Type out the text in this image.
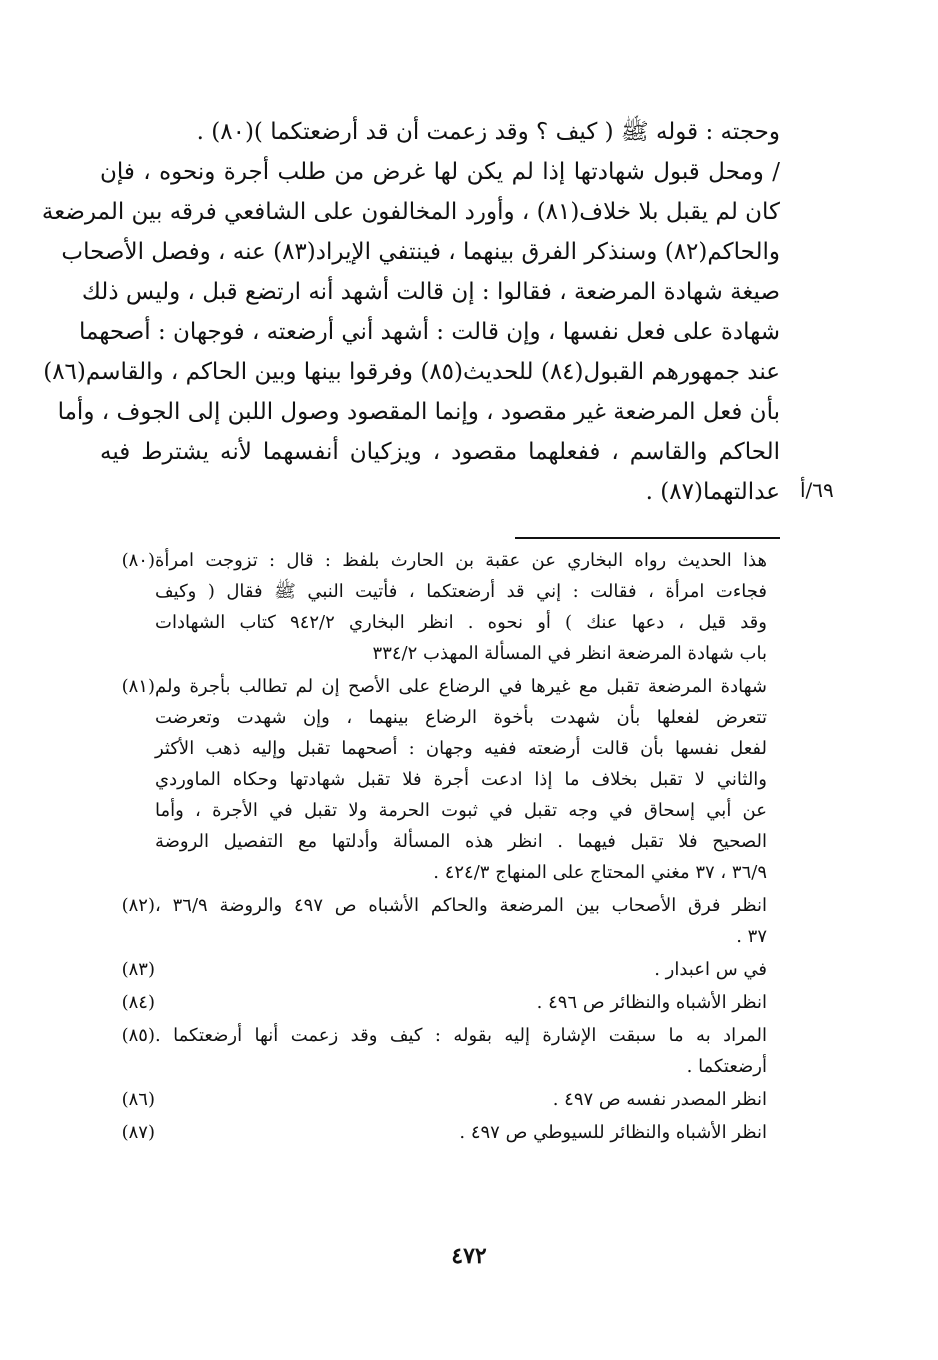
وحجته : قوله ﷺ ( كيف ؟ وقد زعمت أن قد أرضعتكما )(٨٠) .
/ ومحل قبول شهادتها إذا لم يكن لها غرض من طلب أجرة ونحوه ، فإن
كان لم يقبل بلا خلاف(٨١) ، وأورد المخالفون على الشافعي فرقه بين المرضعة
والحاكم(٨٢) وسنذكر الفرق بينهما ، فينتفي الإيراد(٨٣) عنه ، وفصل الأصحاب
صيغة شهادة المرضعة ، فقالوا : إن قالت أشهد أنه ارتضع قبل ، وليس ذلك
شهادة على فعل نفسها ، وإن قالت : أشهد أني أرضعته ، فوجهان : أصحهما
عند جمهورهم القبول(٨٤) للحديث(٨٥) وفرقوا بينها وبين الحاكم ، والقاسم(٨٦)
بأن فعل المرضعة غير مقصود ، وإنما المقصود وصول اللبن إلى الجوف ، وأما
الحاكم والقاسم ، ففعلهما مقصود ، ويزكيان أنفسهما لأنه يشترط فيه
عدالتهما(٨٧) . ٦٩/أ
هذا الحديث رواه البخاري عن عقبة بن الحارث بلفظ : قال : تزوجت امرأة
فجاءت امرأة ، فقالت : إني قد أرضعتكما ، فأتيت النبي ﷺ فقال ( وكيف
وقد قيل ، دعها عنك ) أو نحوه . انظر البخاري ٩٤٢/٢ كتاب الشهادات
باب شهادة المرضعة انظر في المسألة المهذب ٣٣٤/٢
(٨٠)
شهادة المرضعة تقبل مع غيرها في الرضاع على الأصح إن لم تطالب بأجرة ولم
تتعرض لفعلها بأن شهدت بأخوة الرضاع بينهما ، وإن شهدت وتعرضت
لفعل نفسها بأن قالت أرضعته ففيه وجهان : أصحهما تقبل وإليه ذهب الأكثر
والثاني لا تقبل بخلاف ما إذا ادعت أجرة فلا تقبل شهادتها وحكاه الماوردي
عن أبي إسحاق في وجه تقبل في ثبوت الحرمة ولا تقبل في الأجرة ، وأما
الصحيح فلا تقبل فيهما . انظر هذه المسألة وأدلتها مع التفصيل الروضة
٣٦/٩ ، ٣٧ مغني المحتاج على المنهاج ٤٢٤/٣ .
(٨١)
انظر فرق الأصحاب بين المرضعة والحاكم الأشباه ص ٤٩٧ والروضة ٣٦/٩ ،
٣٧ .
(٨٢)
في س اعبدار .
(٨٣)
انظر الأشباه والنظائر ص ٤٩٦ .
(٨٤)
المراد به ما سبقت الإشارة إليه بقوله : كيف وقد زعمت أنها أرضعتكما .
أرضعتكما .
(٨٥)
انظر المصدر نفسه ص ٤٩٧ .
(٨٦)
انظر الأشباه والنظائر للسيوطي ص ٤٩٧ .
(٨٧)
٤٧٢
